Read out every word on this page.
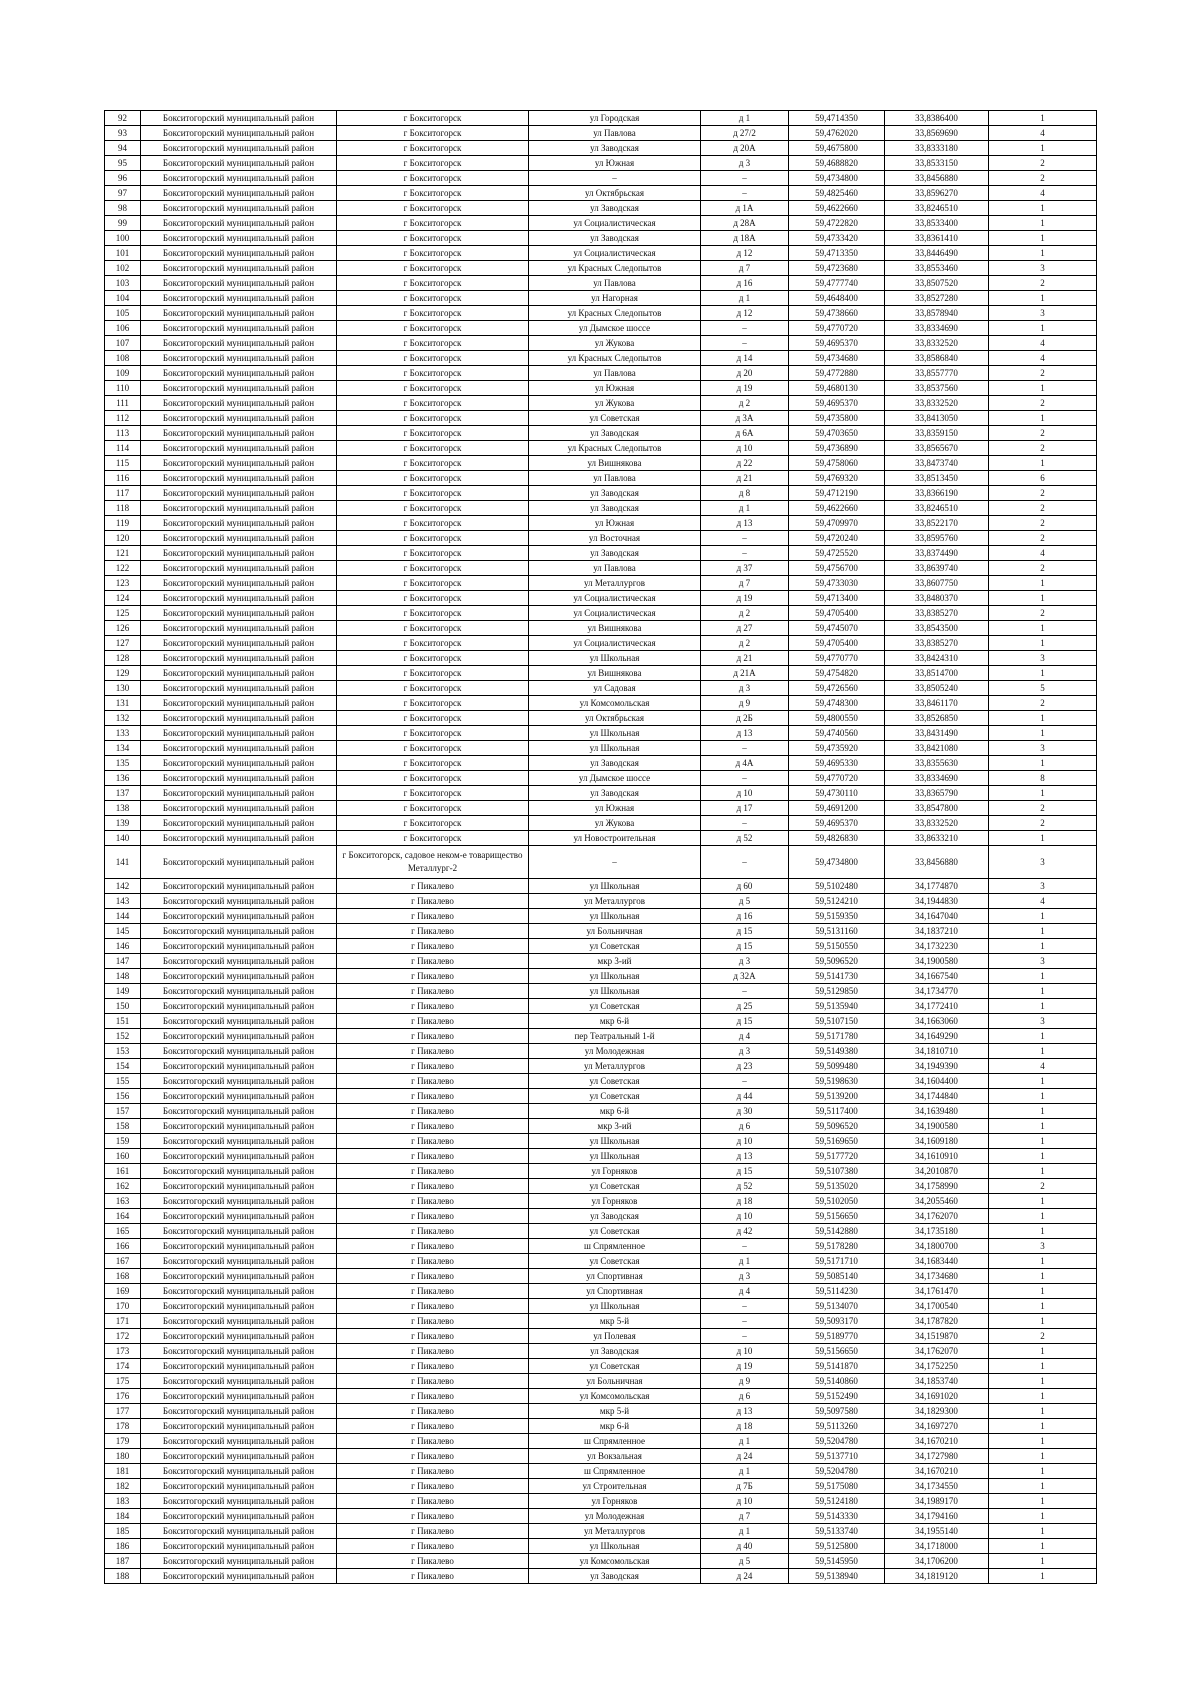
92	Бокситогорский муниципальный район	г Бокситогорск	ул Городская	д 1	59,4714350	33,8386400	1
93	Бокситогорский муниципальный район	г Бокситогорск	ул Павлова	д 27/2	59,4762020	33,8569690	4
94	Бокситогорский муниципальный район	г Бокситогорск	ул Заводская	д 20А	59,4675800	33,8333180	1
95	Бокситогорский муниципальный район	г Бокситогорск	ул Южная	д 3	59,4688820	33,8533150	2
96	Бокситогорский муниципальный район	г Бокситогорск	–	–	59,4734800	33,8456880	2
97	Бокситогорский муниципальный район	г Бокситогорск	ул Октябрьская	–	59,4825460	33,8596270	4
98	Бокситогорский муниципальный район	г Бокситогорск	ул Заводская	д 1А	59,4622660	33,8246510	1
99	Бокситогорский муниципальный район	г Бокситогорск	ул Социалистическая	д 28А	59,4722820	33,8533400	1
100	Бокситогорский муниципальный район	г Бокситогорск	ул Заводская	д 18А	59,4733420	33,8361410	1
101	Бокситогорский муниципальный район	г Бокситогорск	ул Социалистическая	д 12	59,4713350	33,8446490	1
102	Бокситогорский муниципальный район	г Бокситогорск	ул Красных Следопытов	д 7	59,4723680	33,8553460	3
103	Бокситогорский муниципальный район	г Бокситогорск	ул Павлова	д 16	59,4777740	33,8507520	2
104	Бокситогорский муниципальный район	г Бокситогорск	ул Нагорная	д 1	59,4648400	33,8527280	1
105	Бокситогорский муниципальный район	г Бокситогорск	ул Красных Следопытов	д 12	59,4738660	33,8578940	3
106	Бокситогорский муниципальный район	г Бокситогорск	ул Дымское шоссе	–	59,4770720	33,8334690	1
107	Бокситогорский муниципальный район	г Бокситогорск	ул Жукова	–	59,4695370	33,8332520	4
108	Бокситогорский муниципальный район	г Бокситогорск	ул Красных Следопытов	д 14	59,4734680	33,8586840	4
109	Бокситогорский муниципальный район	г Бокситогорск	ул Павлова	д 20	59,4772880	33,8557770	2
110	Бокситогорский муниципальный район	г Бокситогорск	ул Южная	д 19	59,4680130	33,8537560	1
111	Бокситогорский муниципальный район	г Бокситогорск	ул Жукова	д 2	59,4695370	33,8332520	2
112	Бокситогорский муниципальный район	г Бокситогорск	ул Советская	д 3А	59,4735800	33,8413050	1
113	Бокситогорский муниципальный район	г Бокситогорск	ул Заводская	д 6А	59,4703650	33,8359150	2
114	Бокситогорский муниципальный район	г Бокситогорск	ул Красных Следопытов	д 10	59,4736890	33,8565670	2
115	Бокситогорский муниципальный район	г Бокситогорск	ул Вишнякова	д 22	59,4758060	33,8473740	1
116	Бокситогорский муниципальный район	г Бокситогорск	ул Павлова	д 21	59,4769320	33,8513450	6
117	Бокситогорский муниципальный район	г Бокситогорск	ул Заводская	д 8	59,4712190	33,8366190	2
118	Бокситогорский муниципальный район	г Бокситогорск	ул Заводская	д 1	59,4622660	33,8246510	2
119	Бокситогорский муниципальный район	г Бокситогорск	ул Южная	д 13	59,4709970	33,8522170	2
120	Бокситогорский муниципальный район	г Бокситогорск	ул Восточная	–	59,4720240	33,8595760	2
121	Бокситогорский муниципальный район	г Бокситогорск	ул Заводская	–	59,4725520	33,8374490	4
122	Бокситогорский муниципальный район	г Бокситогорск	ул Павлова	д 37	59,4756700	33,8639740	2
123	Бокситогорский муниципальный район	г Бокситогорск	ул Металлургов	д 7	59,4733030	33,8607750	1
124	Бокситогорский муниципальный район	г Бокситогорск	ул Социалистическая	д 19	59,4713400	33,8480370	1
125	Бокситогорский муниципальный район	г Бокситогорск	ул Социалистическая	д 2	59,4705400	33,8385270	2
126	Бокситогорский муниципальный район	г Бокситогорск	ул Вишнякова	д 27	59,4745070	33,8543500	1
127	Бокситогорский муниципальный район	г Бокситогорск	ул Социалистическая	д 2	59,4705400	33,8385270	1
128	Бокситогорский муниципальный район	г Бокситогорск	ул Школьная	д 21	59,4770770	33,8424310	3
129	Бокситогорский муниципальный район	г Бокситогорск	ул Вишнякова	д 21А	59,4754820	33,8514700	1
130	Бокситогорский муниципальный район	г Бокситогорск	ул Садовая	д 3	59,4726560	33,8505240	5
131	Бокситогорский муниципальный район	г Бокситогорск	ул Комсомольская	д 9	59,4748300	33,8461170	2
132	Бокситогорский муниципальный район	г Бокситогорск	ул Октябрьская	д 2Б	59,4800550	33,8526850	1
133	Бокситогорский муниципальный район	г Бокситогорск	ул Школьная	д 13	59,4740560	33,8431490	1
134	Бокситогорский муниципальный район	г Бокситогорск	ул Школьная	–	59,4735920	33,8421080	3
135	Бокситогорский муниципальный район	г Бокситогорск	ул Заводская	д 4А	59,4695330	33,8355630	1
136	Бокситогорский муниципальный район	г Бокситогорск	ул Дымское шоссе	–	59,4770720	33,8334690	8
137	Бокситогорский муниципальный район	г Бокситогорск	ул Заводская	д 10	59,4730110	33,8365790	1
138	Бокситогорский муниципальный район	г Бокситогорск	ул Южная	д 17	59,4691200	33,8547800	2
139	Бокситогорский муниципальный район	г Бокситогорск	ул Жукова	–	59,4695370	33,8332520	2
140	Бокситогорский муниципальный район	г Бокситогорск	ул Новостроительная	д 52	59,4826830	33,8633210	1
141	Бокситогорский муниципальный район	г Бокситогорск, садовое неком-е товарищество Металлург-2	–	–	59,4734800	33,8456880	3
142	Бокситогорский муниципальный район	г Пикалево	ул Школьная	д 60	59,5102480	34,1774870	3
143	Бокситогорский муниципальный район	г Пикалево	ул Металлургов	д 5	59,5124210	34,1944830	4
144	Бокситогорский муниципальный район	г Пикалево	ул Школьная	д 16	59,5159350	34,1647040	1
145	Бокситогорский муниципальный район	г Пикалево	ул Больничная	д 15	59,5131160	34,1837210	1
146	Бокситогорский муниципальный район	г Пикалево	ул Советская	д 15	59,5150550	34,1732230	1
147	Бокситогорский муниципальный район	г Пикалево	мкр 3-ий	д 3	59,5096520	34,1900580	3
148	Бокситогорский муниципальный район	г Пикалево	ул Школьная	д 32А	59,5141730	34,1667540	1
149	Бокситогорский муниципальный район	г Пикалево	ул Школьная	–	59,5129850	34,1734770	1
150	Бокситогорский муниципальный район	г Пикалево	ул Советская	д 25	59,5135940	34,1772410	1
151	Бокситогорский муниципальный район	г Пикалево	мкр 6-й	д 15	59,5107150	34,1663060	3
152	Бокситогорский муниципальный район	г Пикалево	пер Театральный 1-й	д 4	59,5171780	34,1649290	1
153	Бокситогорский муниципальный район	г Пикалево	ул Молодежная	д 3	59,5149380	34,1810710	1
154	Бокситогорский муниципальный район	г Пикалево	ул Металлургов	д 23	59,5099480	34,1949390	4
155	Бокситогорский муниципальный район	г Пикалево	ул Советская	–	59,5198630	34,1604400	1
156	Бокситогорский муниципальный район	г Пикалево	ул Советская	д 44	59,5139200	34,1744840	1
157	Бокситогорский муниципальный район	г Пикалево	мкр 6-й	д 30	59,5117400	34,1639480	1
158	Бокситогорский муниципальный район	г Пикалево	мкр 3-ий	д 6	59,5096520	34,1900580	1
159	Бокситогорский муниципальный район	г Пикалево	ул Школьная	д 10	59,5169650	34,1609180	1
160	Бокситогорский муниципальный район	г Пикалево	ул Школьная	д 13	59,5177720	34,1610910	1
161	Бокситогорский муниципальный район	г Пикалево	ул Горняков	д 15	59,5107380	34,2010870	1
162	Бокситогорский муниципальный район	г Пикалево	ул Советская	д 52	59,5135020	34,1758990	2
163	Бокситогорский муниципальный район	г Пикалево	ул Горняков	д 18	59,5102050	34,2055460	1
164	Бокситогорский муниципальный район	г Пикалево	ул Заводская	д 10	59,5156650	34,1762070	1
165	Бокситогорский муниципальный район	г Пикалево	ул Советская	д 42	59,5142880	34,1735180	1
166	Бокситогорский муниципальный район	г Пикалево	ш Спрямленное	–	59,5178280	34,1800700	3
167	Бокситогорский муниципальный район	г Пикалево	ул Советская	д 1	59,5171710	34,1683440	1
168	Бокситогорский муниципальный район	г Пикалево	ул Спортивная	д 3	59,5085140	34,1734680	1
169	Бокситогорский муниципальный район	г Пикалево	ул Спортивная	д 4	59,5114230	34,1761470	1
170	Бокситогорский муниципальный район	г Пикалево	ул Школьная	–	59,5134070	34,1700540	1
171	Бокситогорский муниципальный район	г Пикалево	мкр 5-й	–	59,5093170	34,1787820	1
172	Бокситогорский муниципальный район	г Пикалево	ул Полевая	–	59,5189770	34,1519870	2
173	Бокситогорский муниципальный район	г Пикалево	ул Заводская	д 10	59,5156650	34,1762070	1
174	Бокситогорский муниципальный район	г Пикалево	ул Советская	д 19	59,5141870	34,1752250	1
175	Бокситогорский муниципальный район	г Пикалево	ул Больничная	д 9	59,5140860	34,1853740	1
176	Бокситогорский муниципальный район	г Пикалево	ул Комсомольская	д 6	59,5152490	34,1691020	1
177	Бокситогорский муниципальный район	г Пикалево	мкр 5-й	д 13	59,5097580	34,1829300	1
178	Бокситогорский муниципальный район	г Пикалево	мкр 6-й	д 18	59,5113260	34,1697270	1
179	Бокситогорский муниципальный район	г Пикалево	ш Спрямленное	д 1	59,5204780	34,1670210	1
180	Бокситогорский муниципальный район	г Пикалево	ул Вокзальная	д 24	59,5137710	34,1727980	1
181	Бокситогорский муниципальный район	г Пикалево	ш Спрямленное	д 1	59,5204780	34,1670210	1
182	Бокситогорский муниципальный район	г Пикалево	ул Строительная	д 7Б	59,5175080	34,1734550	1
183	Бокситогорский муниципальный район	г Пикалево	ул Горняков	д 10	59,5124180	34,1989170	1
184	Бокситогорский муниципальный район	г Пикалево	ул Молодежная	д 7	59,5143330	34,1794160	1
185	Бокситогорский муниципальный район	г Пикалево	ул Металлургов	д 1	59,5133740	34,1955140	1
186	Бокситогорский муниципальный район	г Пикалево	ул Школьная	д 40	59,5125800	34,1718000	1
187	Бокситогорский муниципальный район	г Пикалево	ул Комсомольская	д 5	59,5145950	34,1706200	1
188	Бокситогорский муниципальный район	г Пикалево	ул Заводская	д 24	59,5138940	34,1819120	1
